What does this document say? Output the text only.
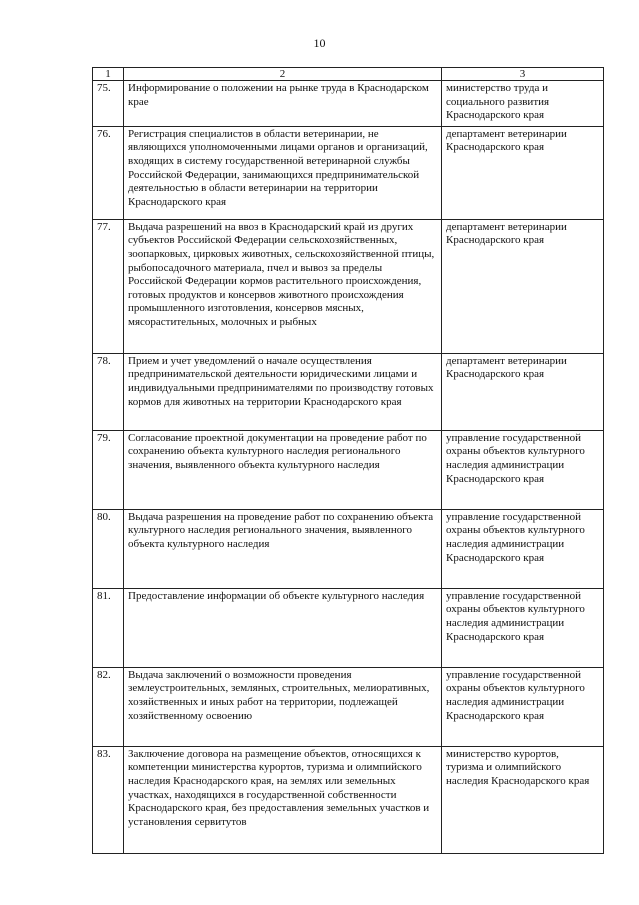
10
1	2	3
75.	Информирование о положении на рынке труда в Краснодарском крае	министерство труда и социального развития Краснодарского края
76.	Регистрация специалистов в области ветеринарии, не являющихся уполномоченными лицами органов и организаций, входящих в систему государственной ветеринарной службы Российской Федерации, занимающихся предпринимательской деятельностью в области ветеринарии на территории Краснодарского края	департамент ветеринарии Краснодарского края
77.	Выдача разрешений на ввоз в Краснодарский край из других субъектов Российской Федерации сельскохозяйственных, зоопарковых, цирковых животных, сельскохозяйственной птицы, рыбопосадочного материала, пчел и вывоз за пределы Российской Федерации кормов растительного происхождения, готовых продуктов и консервов животного происхождения промышленного изготовления, консервов мясных, мясорастительных, молочных и рыбных	департамент ветеринарии Краснодарского края
78.	Прием и учет уведомлений о начале осуществления предпринимательской деятельности юридическими лицами и индивидуальными предпринимателями по производству готовых кормов для животных на территории Краснодарского края	департамент ветеринарии Краснодарского края
79.	Согласование проектной документации на проведение работ по сохранению объекта культурного наследия регионального значения, выявленного объекта культурного наследия	управление государственной охраны объектов культурного наследия администрации Краснодарского края
80.	Выдача разрешения на проведение работ по сохранению объекта культурного наследия регионального значения, выявленного объекта культурного наследия	управление государственной охраны объектов культурного наследия администрации Краснодарского края
81.	Предоставление информации об объекте культурного наследия	управление государственной охраны объектов культурного наследия администрации Краснодарского края
82.	Выдача заключений о возможности проведения землеустроительных, земляных, строительных, мелиоративных, хозяйственных и иных работ на территории, подлежащей хозяйственному освоению	управление государственной охраны объектов культурного наследия администрации Краснодарского края
83.	Заключение договора на размещение объектов, относящихся к компетенции министерства курортов, туризма и олимпийского наследия Краснодарского края, на землях или земельных участках, находящихся в государственной собственности Краснодарского края, без предоставления земельных участков и установления сервитутов	министерство курортов, туризма и олимпийского наследия Краснодарского края
